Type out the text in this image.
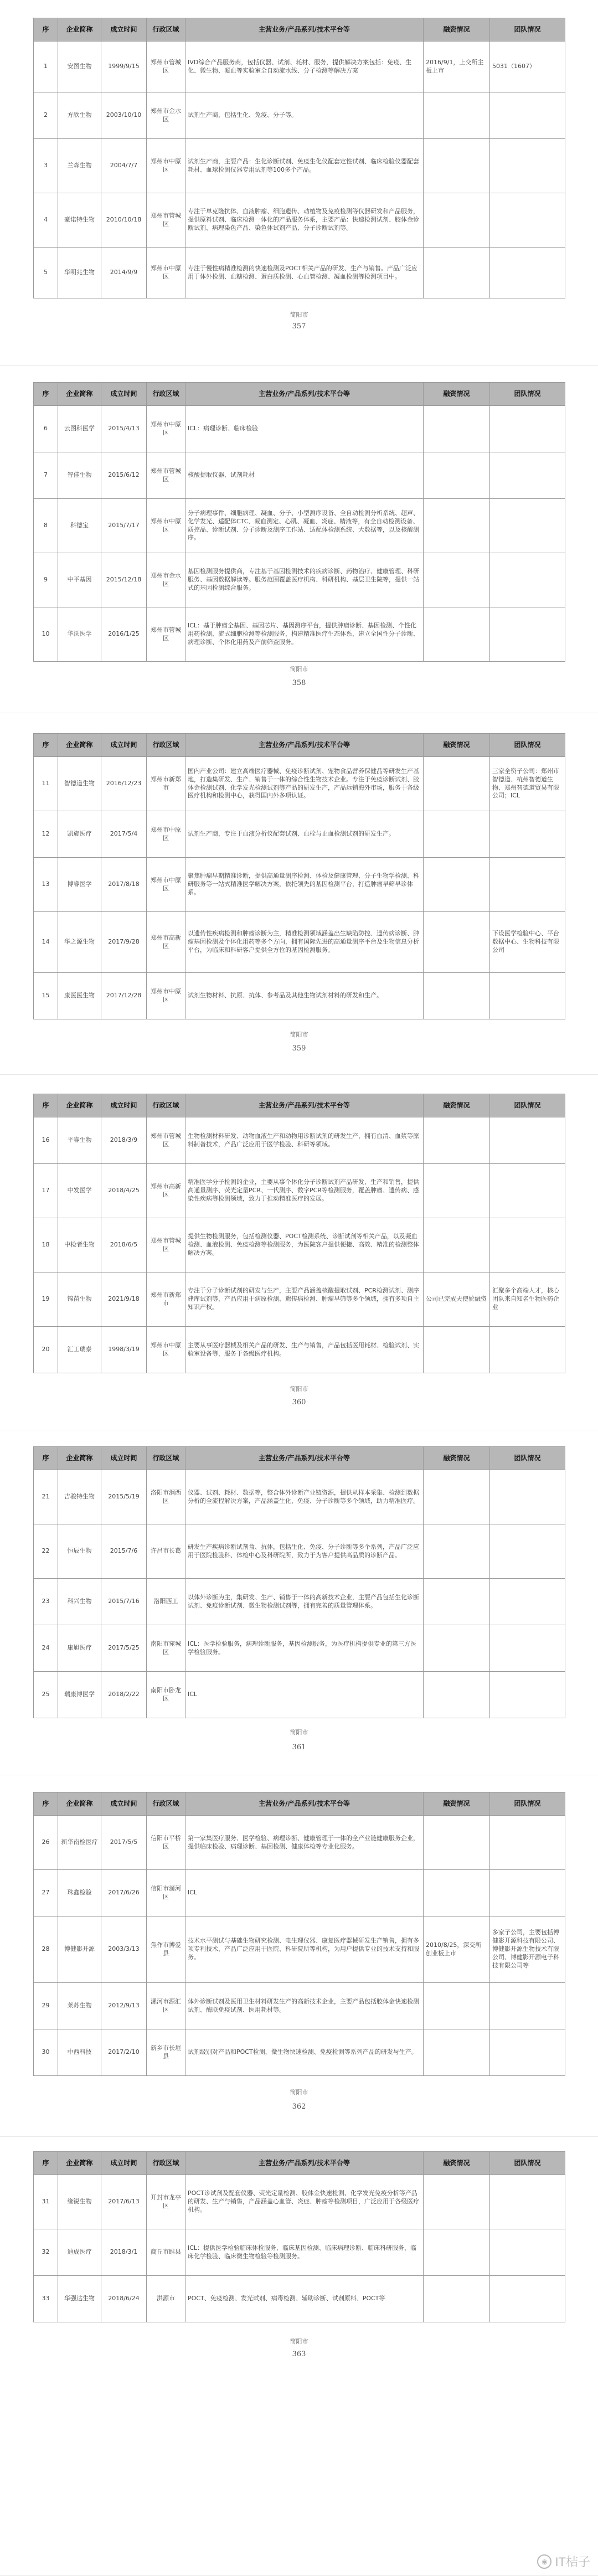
序	企业简称	成立时间	行政区域	主营业务/产品系列/技术平台等	融资情况	团队情况
1	安图生物	1999/9/15	郑州市管城区	IVD综合产品服务商，包括仪器、试剂、耗材、服务，提供解决方案包括：免疫、生化、微生物、凝血等实验室全自动流水线、分子检测等解决方案	2016/9/1，上交所主板上市	5031（1607）
2	方欣生物	2003/10/10	郑州市金水区	试剂生产商，包括生化、免疫、分子等。		
3	兰森生物	2004/7/7	郑州市中原区	试剂生产商，主要产品：生化诊断试剂、免疫生化仪配套定性试剂、临床检验仪器配套耗材、血球检测仪器专用试剂等100多个产品。		
4	豪诺特生物	2010/10/18	郑州市管城区	专注于单克隆抗体、血液肿瘤、细胞遗传、动植物及免疫检测等仪器研发和产品服务，提供原料试剂、临床检测一体化的产品服务体系，主要产品：快速检测试剂、胶体金诊断试剂、病理染色产品、染色体试剂产品、分子诊断试剂等。		
5	华明兆生物	2014/9/9	郑州市中原区	专注于慢性病精准检测的快速检测及POCT相关产品的研发、生产与销售。产品广泛应用于体外检测、血糖检测、蛋白质检测、心血管检测、凝血检测等检测项目中。		
简阳市
357
序	企业简称	成立时间	行政区域	主营业务/产品系列/技术平台等	融资情况	团队情况
6	云图科医学	2015/4/13	郑州市中原区	ICL：病理诊断、临床检验		
7	智佳生物	2015/6/12	郑州市管城区	核酸提取仪器、试剂耗材		
8	科德宝	2015/7/17	郑州市中原区	分子病理事件、细胞病理、凝血、分子、小型测序设备、全自动检测分析系统、超声、化学发光、适配体CTC、凝血测定、心肌、凝血、炎症、精液等，有全自动检测设备、质控品、诊断试剂、分子诊断及测序工作站、适配体检测系统、大数据等，以及核酸测序。		
9	中平基因	2015/12/18	郑州市金水区	基因检测服务提供商，专注基于基因检测技术的疾病诊断、药物治疗、健康管理、科研服务、基因数据解读等。服务范围覆盖医疗机构、科研机构、基层卫生院等，提供一站式的基因检测综合服务。		
10	华沃医学	2016/1/25	郑州市管城区	ICL：基于肿瘤全基因、基因芯片、基因测序平台，提供肿瘤诊断、基因检测、个性化用药检测、流式细胞检测等检测服务，构建精准医疗生态体系，建立全国性分子诊断、病理诊断、个体化用药及产前筛查服务。		
简阳市
358
序	企业简称	成立时间	行政区域	主营业务/产品系列/技术平台等	融资情况	团队情况
11	智德道生物	2016/12/23	郑州市新郑市	国内产业公司：建立高端医疗器械、免疫诊断试剂、宠物食品营养保健品等研发生产基地，打造集研发、生产、销售于一体的综合性生物技术企业。专注于免疫诊断试剂、胶体金检测试剂、化学发光检测试剂等产品的研发生产，产品远销海外市场，服务于各级医疗机构和检测中心，获得国内外多项认证。		三家全资子公司：郑州市智德道、杭州智德道生物、郑州智德道贸易有限公司；ICL
12	凯旋医疗	2017/5/4	郑州市中原区	试剂生产商，专注于血液分析仪配套试剂、血栓与止血检测试剂的研发生产。		
13	博睿医学	2017/8/18	郑州市中原区	聚焦肿瘤早期精准诊断，提供高通量测序检测、体检及健康管理、分子生物学检测、科研服务等一站式精准医学解决方案，依托领先的基因检测平台，打造肿瘤早筛早诊体系。		
14	华之源生物	2017/9/28	郑州市高新区	以遗传性疾病检测和肿瘤诊断为主，精准检测领域涵盖出生缺陷防控、遗传病诊断、肿瘤基因检测及个体化用药等多个方向，拥有国际先进的高通量测序平台及生物信息分析平台，为临床和科研客户提供全方位的基因检测服务。		下设医学检验中心、平台数据中心、生物科技有限公司
15	康医医生物	2017/12/28	郑州市中原区	试剂生物材料、抗原、抗体、参考品及其他生物试剂材料的研发和生产。		
简阳市
359
序	企业简称	成立时间	行政区域	主营业务/产品系列/技术平台等	融资情况	团队情况
16	平睿生物	2018/3/9	郑州市管城区	生物检测材料研发、动物血液生产和动物用诊断试剂的研发生产，拥有血清、血浆等原料制备技术，产品广泛应用于医学检验、科研等领域。		
17	中发医学	2018/4/25	郑州市高新区	精准医学分子检测的企业，主要从事个体化分子诊断试剂产品研发、生产和销售，提供高通量测序、荧光定量PCR、一代测序、数字PCR等检测服务，覆盖肿瘤、遗传病、感染性疾病等检测领域，致力于推动精准医疗的发展。		
18	中检者生物	2018/6/5	郑州市管城区	提供生物检测服务，包括检测仪器、POCT检测系统、诊断试剂等相关产品，以及凝血检测、血液检测、免疫检测等检测服务，为医院客户提供便捷、高效、精准的检测整体解决方案。		
19	锦苗生物	2021/9/18	郑州市新郑市	专注于分子诊断试剂的研发与生产，主要产品涵盖核酸提取试剂、PCR检测试剂、测序建库试剂等，产品应用于病原检测、遗传病检测、肿瘤早筛等多个领域，拥有多项自主知识产权。	公司已完成天使轮融资	汇聚多个高端人才，核心团队来自知名生物医药企业
20	汇工瑞泰	1998/3/19	郑州市中原区	主要从事医疗器械及相关产品的研发、生产与销售，产品包括医用耗材、检验试剂、实验室设备等，服务于各级医疗机构。		
简阳市
360
序	企业简称	成立时间	行政区域	主营业务/产品系列/技术平台等	融资情况	团队情况
21	吉骏特生物	2015/5/19	洛阳市涧西区	仪器、试剂、耗材、数据等，整合体外诊断产业链资源，提供从样本采集、检测到数据分析的全流程解决方案，产品涵盖生化、免疫、分子诊断等多个领域，助力精准医疗。		
22	恒辰生物	2015/7/6	许昌市长葛	研发生产疾病诊断试剂盒、抗体，包括生化、免疫、分子诊断等多个系列，产品广泛应用于医院检验科、体检中心及科研院所，致力于为客户提供高品质的诊断产品。		
23	科兴生物	2015/7/16	洛阳西工	以体外诊断为主，集研发、生产、销售于一体的高新技术企业，主要产品包括生化诊断试剂、免疫诊断试剂、微生物检测试剂等，拥有完善的质量管理体系。		
24	康旭医疗	2017/5/25	南阳市宛城区	ICL：医学检验服务，病理诊断服务，基因检测服务，为医疗机构提供专业的第三方医学检验服务。		
25	瑞康博医学	2018/2/22	南阳市卧龙区	ICL		
简阳市
361
序	企业简称	成立时间	行政区域	主营业务/产品系列/技术平台等	融资情况	团队情况
26	新华南检医疗	2017/5/5	信阳市平桥区	第一家集医疗服务、医学检验、病理诊断、健康管理于一体的全产业链健康服务企业，提供临床检验、病理诊断、基因检测、健康体检等专业化服务。		
27	珠鑫检验	2017/6/26	信阳市浉河区	ICL		
28	博健影开源	2003/3/13	焦作市博爱县	技术水平测试与基础生物研究检测、电生理仪器、康复医疗器械研发生产销售，拥有多项专利技术，产品广泛应用于医院、科研院所等机构，为用户提供专业的技术支持和服务。	2010/8/25，深交所创业板上市	多家子公司，主要包括博健影开源科技有限公司、博健影开源生物技术有限公司、博健影开源电子科技有限公司等
29	莱苏生物	2012/9/13	漯河市源汇区	体外诊断试剂及医用卫生材料研发生产的高新技术企业，主要产品包括胶体金快速检测试剂、酶联免疫试剂、医用耗材等。		
30	中西科技	2017/2/10	新乡市长垣县	试剂级别对产品和POCT检测，微生物快速检测、免疫检测等系列产品的研发与生产。		
简阳市
362
序	企业简称	成立时间	行政区域	主营业务/产品系列/技术平台等	融资情况	团队情况
31	缘锐生物	2017/6/13	开封市龙亭区	POCT诊试剂及配套仪器、荧光定量检测、胶体金快速检测、化学发光免疫分析等产品的研发、生产与销售，产品涵盖心血管、炎症、肿瘤等检测项目，广泛应用于各级医疗机构。		
32	迪成医疗	2018/3/1	商丘市睢县	ICL：提供医学检验临床体检服务、临床基因检测、临床病理诊断、临床科研服务、临床化学检验、临床微生物检验等检测服务。		
33	华强达生物	2018/6/24	洪源市	POCT、免疫检测、发光试剂、病毒检测、辅助诊断、试剂原料、POCT等		
简阳市
363
◉ IT桔子
